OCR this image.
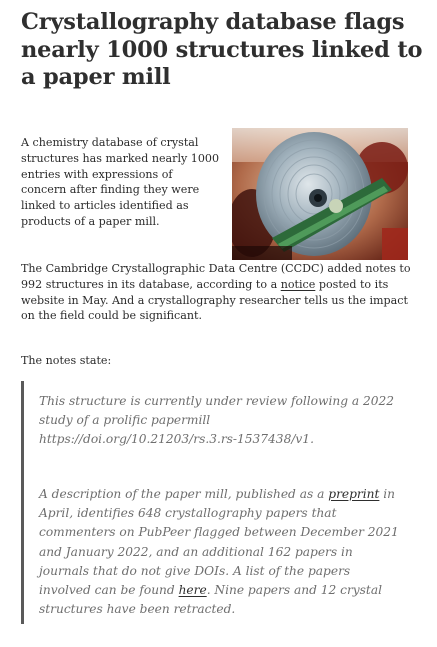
Crystallography database flags nearly 1000 structures linked to a paper mill

A chemistry database of crystal structures has marked nearly 1000 entries with expressions of concern after finding they were linked to articles identified as products of a paper mill.

The Cambridge Crystallographic Data Centre (CCDC) added notes to 992 structures in its database, according to a notice posted to its website in May. And a crystallography researcher tells us the impact on the field could be significant.

The notes state:

This structure is currently under review following a 2022 study of a prolific papermill https://doi.org/10.21203/rs.3.rs-1537438/v1.

A description of the paper mill, published as a preprint in April, identifies 648 crystallography papers that commenters on PubPeer flagged between December 2021 and January 2022, and an additional 162 papers in journals that do not give DOIs. A list of the papers involved can be found here. Nine papers and 12 crystal structures have been retracted.
